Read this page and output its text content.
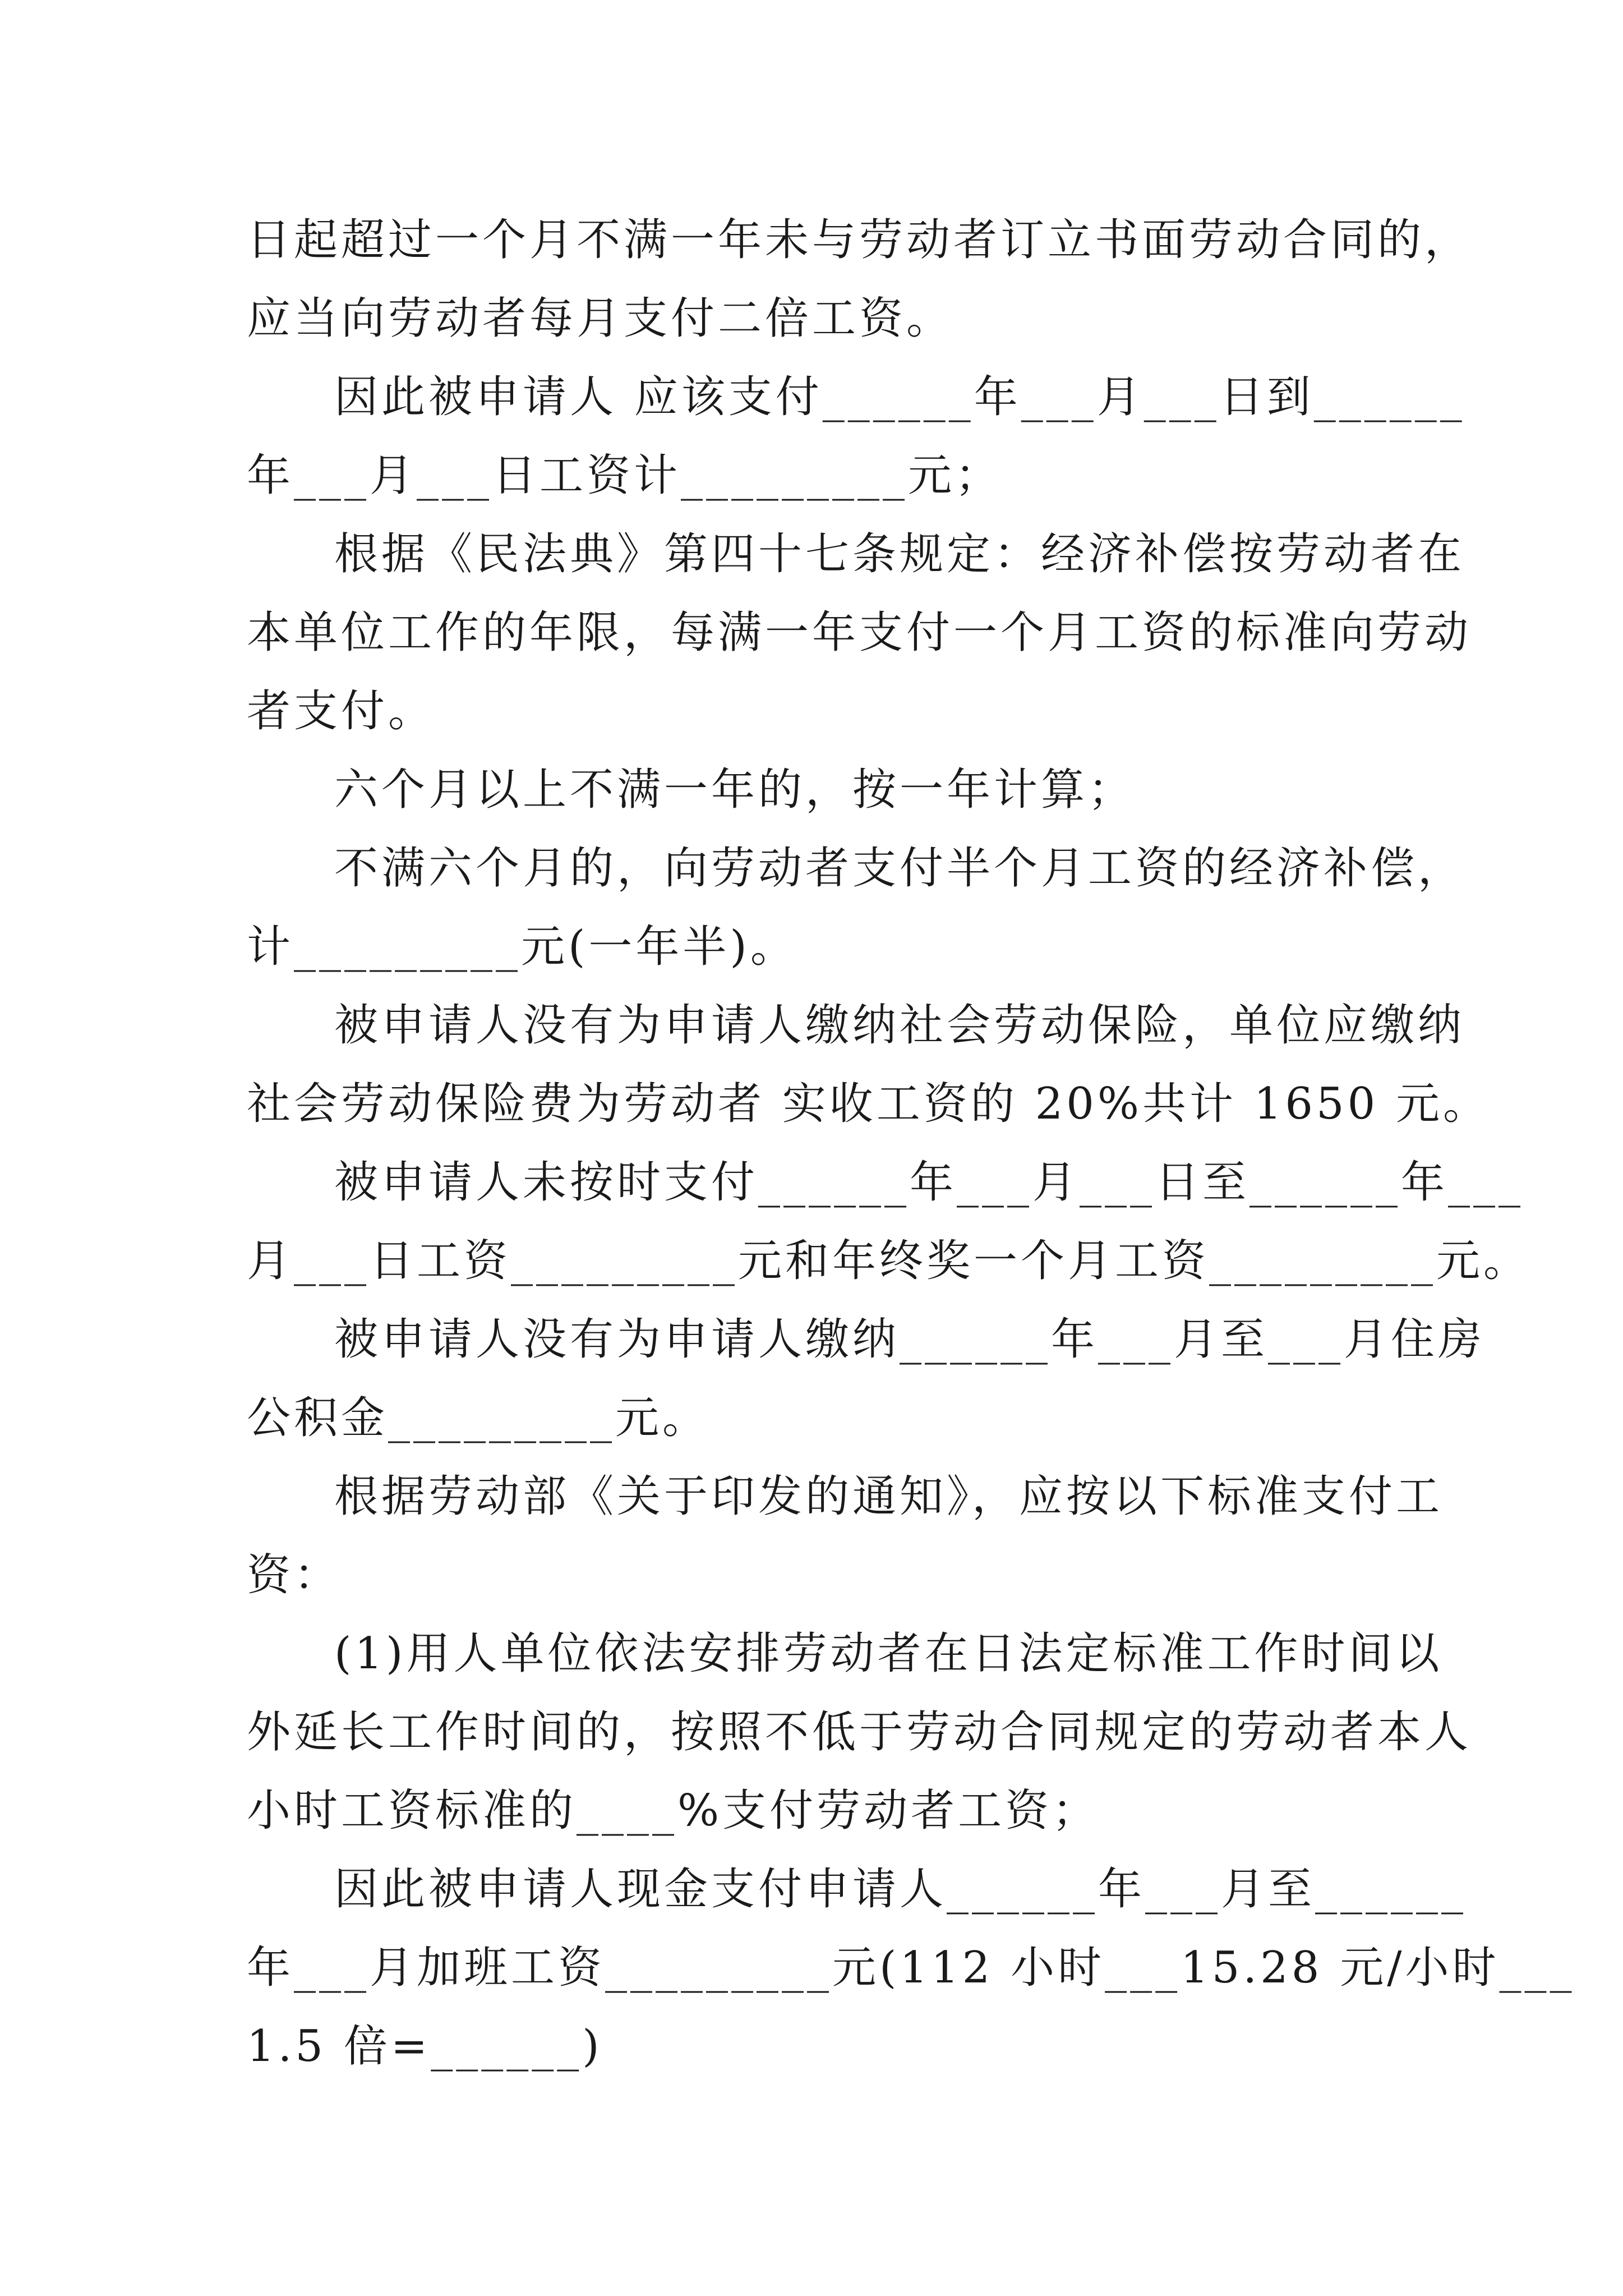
日起超过一个月不满一年未与劳动者订立书面劳动合同的，
应当向劳动者每月支付二倍工资。
因此被申请人 应该支付______年___月___日到______
年___月___日工资计_________元；
根据《民法典》第四十七条规定：经济补偿按劳动者在
本单位工作的年限，每满一年支付一个月工资的标准向劳动
者支付。
六个月以上不满一年的，按一年计算；
不满六个月的，向劳动者支付半个月工资的经济补偿，
计_________元(一年半)。
被申请人没有为申请人缴纳社会劳动保险，单位应缴纳
社会劳动保险费为劳动者 实收工资的 20%共计 1650 元。
被申请人未按时支付______年___月___日至______年___
月___日工资_________元和年终奖一个月工资_________元。
被申请人没有为申请人缴纳______年___月至___月住房
公积金_________元。
根据劳动部《关于印发的通知》，应按以下标准支付工
资：
(1)用人单位依法安排劳动者在日法定标准工作时间以
外延长工作时间的，按照不低于劳动合同规定的劳动者本人
小时工资标准的____%支付劳动者工资；
因此被申请人现金支付申请人______年___月至______
年___月加班工资_________元(112 小时___15.28 元/小时___
1.5 倍=______)
